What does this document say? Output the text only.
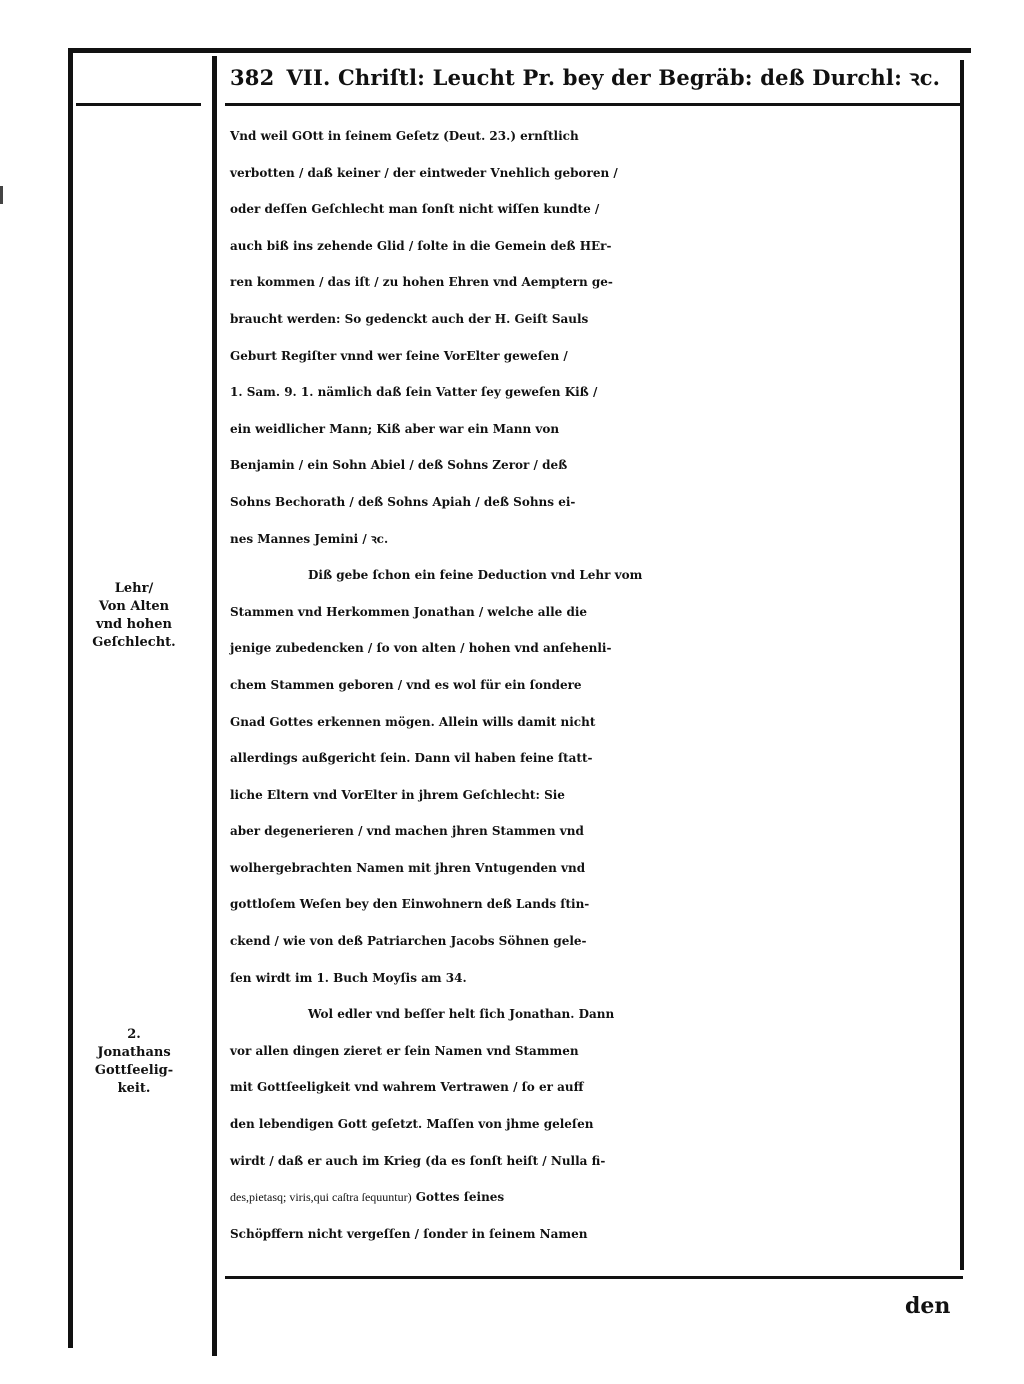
382 VII. Chriſtl: Leucht Pr. bey der Begräb: deß Durchl: ꝛc.
Vnd weil GOtt in ſeinem Geſetz (Deut. 23.) ernſtlich
verbotten / daß keiner / der eintweder Vnehlich geboren /
oder deſſen Geſchlecht man ſonſt nicht wiſſen kundte /
auch biß ins zehende Glid / ſolte in die Gemein deß HEr-
ren kommen / das iſt / zu hohen Ehren vnd Aemptern ge-
braucht werden: So gedenckt auch der H. Geiſt Sauls
Geburt Regiſter vnnd wer ſeine VorElter geweſen /
1. Sam. 9. 1. nämlich daß ſein Vatter ſey geweſen Kiß /
ein weidlicher Mann; Kiß aber war ein Mann von
Benjamin / ein Sohn Abiel / deß Sohns Zeror / deß
Sohns Bechorath / deß Sohns Apiah / deß Sohns ei-
nes Mannes Jemini / ꝛc.
Diß gebe ſchon ein feine Deduction vnd Lehr vom
Stammen vnd Herkommen Jonathan / welche alle die
jenige zubedencken / ſo von alten / hohen vnd anſehenli-
chem Stammen geboren / vnd es wol für ein ſondere
Gnad Gottes erkennen mögen. Allein wills damit nicht
allerdings außgericht ſein. Dann vil haben feine ſtatt-
liche Eltern vnd VorElter in jhrem Geſchlecht: Sie
aber degenerieren / vnd machen jhren Stammen vnd
wolhergebrachten Namen mit jhren Vntugenden vnd
gottloſem Weſen bey den Einwohnern deß Lands ſtin-
ckend / wie von deß Patriarchen Jacobs Söhnen gele-
ſen wirdt im 1. Buch Moyſis am 34.
Wol edler vnd beſſer helt ſich Jonathan. Dann
vor allen dingen zieret er ſein Namen vnd Stammen
mit Gottſeeligkeit vnd wahrem Vertrawen / ſo er auff
den lebendigen Gott geſetzt. Maſſen von jhme geleſen
wirdt / daß er auch im Krieg (da es ſonſt heiſt / Nulla fi-
des,pietasq; viris,qui caſtra ſequuntur) Gottes ſeines
Schöpffern nicht vergeſſen / ſonder in ſeinem Namen
Lehr/
Von Alten
vnd hohen
Geſchlecht.
2.
Jonathans
Gottſeelig-
keit.
den
